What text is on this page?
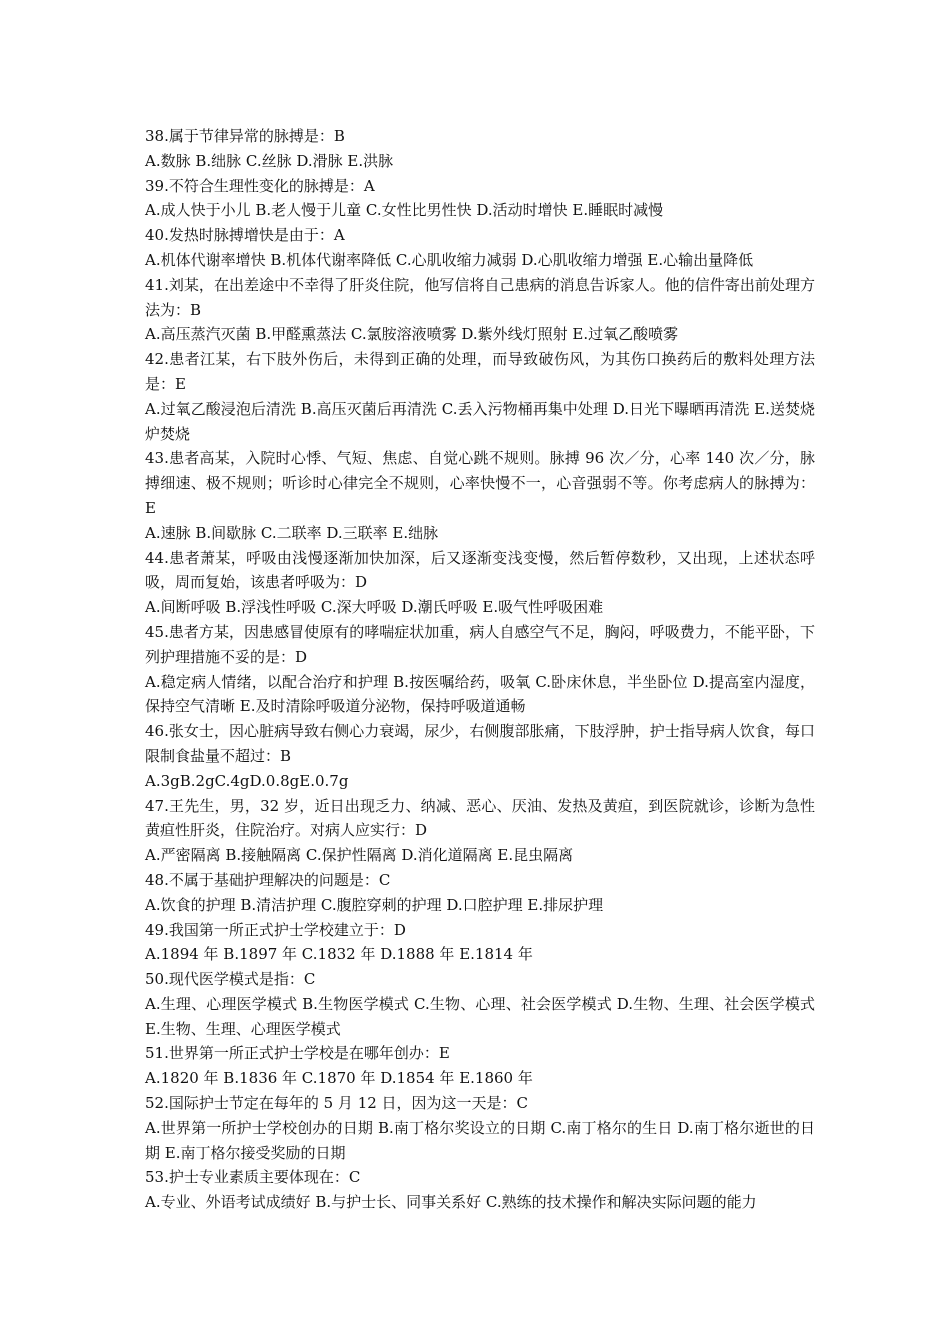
38.属于节律异常的脉搏是：B
A.数脉 B.绌脉 C.丝脉 D.滑脉 E.洪脉
39.不符合生理性变化的脉搏是：A
A.成人快于小儿 B.老人慢于儿童 C.女性比男性快 D.活动时增快 E.睡眠时减慢
40.发热时脉搏增快是由于：A
A.机体代谢率增快 B.机体代谢率降低 C.心肌收缩力减弱 D.心肌收缩力增强 E.心输出量降低
41.刘某，在出差途中不幸得了肝炎住院，他写信将自己患病的消息告诉家人。他的信件寄出前处理方法为：B
A.高压蒸汽灭菌 B.甲醛熏蒸法 C.氯胺溶液喷雾 D.紫外线灯照射 E.过氧乙酸喷雾
42.患者江某，右下肢外伤后，未得到正确的处理，而导致破伤风，为其伤口换药后的敷料处理方法是：E
A.过氧乙酸浸泡后清洗 B.高压灭菌后再清洗 C.丢入污物桶再集中处理 D.日光下曝晒再清洗 E.送焚烧炉焚烧
43.患者高某，入院时心悸、气短、焦虑、自觉心跳不规则。脉搏 96 次／分，心率 140 次／分，脉搏细速、极不规则；听诊时心律完全不规则，心率快慢不一，心音强弱不等。你考虑病人的脉搏为：E
A.速脉 B.间歇脉 C.二联率 D.三联率 E.绌脉
44.患者萧某，呼吸由浅慢逐渐加快加深，后又逐渐变浅变慢，然后暂停数秒，又出现，上述状态呼吸，周而复始，该患者呼吸为：D
A.间断呼吸 B.浮浅性呼吸 C.深大呼吸 D.潮氏呼吸 E.吸气性呼吸困难
45.患者方某，因患感冒使原有的哮喘症状加重，病人自感空气不足，胸闷，呼吸费力，不能平卧，下列护理措施不妥的是：D
A.稳定病人情绪，以配合治疗和护理 B.按医嘱给药，吸氧 C.卧床休息，半坐卧位 D.提高室内湿度，保持空气清晰 E.及时清除呼吸道分泌物，保持呼吸道通畅
46.张女士，因心脏病导致右侧心力衰竭，尿少，右侧腹部胀痛，下肢浮肿，护士指导病人饮食，每口限制食盐量不超过：B
A.3gB.2gC.4gD.0.8gE.0.7g
47.王先生，男，32 岁，近日出现乏力、纳减、恶心、厌油、发热及黄疸，到医院就诊，诊断为急性黄疸性肝炎，住院治疗。对病人应实行：D
A.严密隔离 B.接触隔离 C.保护性隔离 D.消化道隔离 E.昆虫隔离
48.不属于基础护理解决的问题是：C
A.饮食的护理 B.清洁护理 C.腹腔穿刺的护理 D.口腔护理 E.排尿护理
49.我国第一所正式护士学校建立于：D
A.1894 年 B.1897 年 C.1832 年 D.1888 年 E.1814 年
50.现代医学模式是指：C
A.生理、心理医学模式 B.生物医学模式 C.生物、心理、社会医学模式 D.生物、生理、社会医学模式 E.生物、生理、心理医学模式
51.世界第一所正式护士学校是在哪年创办：E
A.1820 年 B.1836 年 C.1870 年 D.1854 年 E.1860 年
52.国际护士节定在每年的 5 月 12 日，因为这一天是：C
A.世界第一所护士学校创办的日期 B.南丁格尔奖设立的日期 C.南丁格尔的生日 D.南丁格尔逝世的日期 E.南丁格尔接受奖励的日期
53.护士专业素质主要体现在：C
A.专业、外语考试成绩好 B.与护士长、同事关系好 C.熟练的技术操作和解决实际问题的能力
